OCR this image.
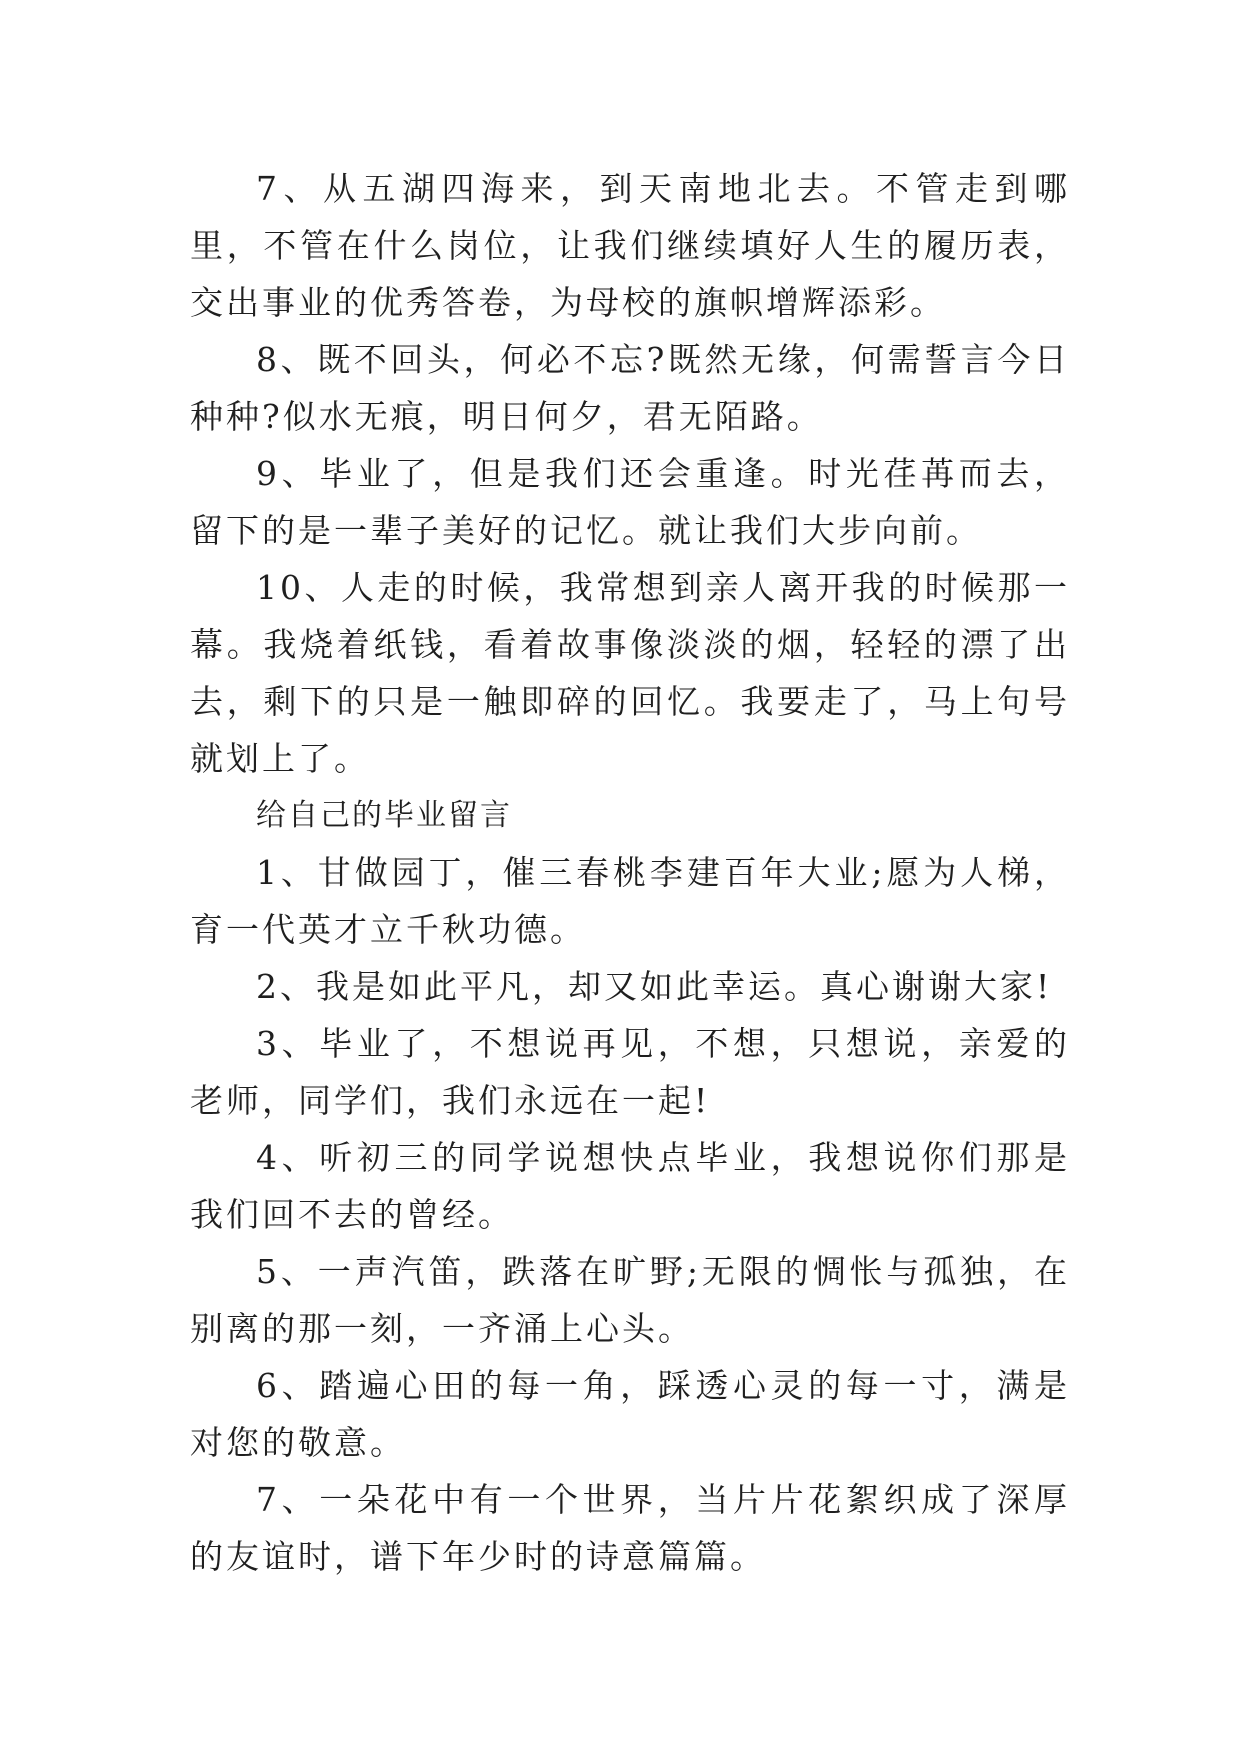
7、从五湖四海来，到天南地北去。不管走到哪里，不管在什么岗位，让我们继续填好人生的履历表，交出事业的优秀答卷，为母校的旗帜增辉添彩。

8、既不回头，何必不忘?既然无缘，何需誓言今日种种?似水无痕，明日何夕，君无陌路。

9、毕业了，但是我们还会重逢。时光荏苒而去，留下的是一辈子美好的记忆。就让我们大步向前。

10、人走的时候，我常想到亲人离开我的时候那一幕。我烧着纸钱，看着故事像淡淡的烟，轻轻的漂了出去，剩下的只是一触即碎的回忆。我要走了，马上句号就划上了。

给自己的毕业留言

1、甘做园丁，催三春桃李建百年大业;愿为人梯，育一代英才立千秋功德。

2、我是如此平凡，却又如此幸运。真心谢谢大家!

3、毕业了，不想说再见，不想，只想说，亲爱的老师，同学们，我们永远在一起!

4、听初三的同学说想快点毕业，我想说你们那是我们回不去的曾经。

5、一声汽笛，跌落在旷野;无限的惆怅与孤独，在别离的那一刻，一齐涌上心头。

6、踏遍心田的每一角，踩透心灵的每一寸，满是对您的敬意。

7、一朵花中有一个世界，当片片花絮织成了深厚的友谊时，谱下年少时的诗意篇篇。
